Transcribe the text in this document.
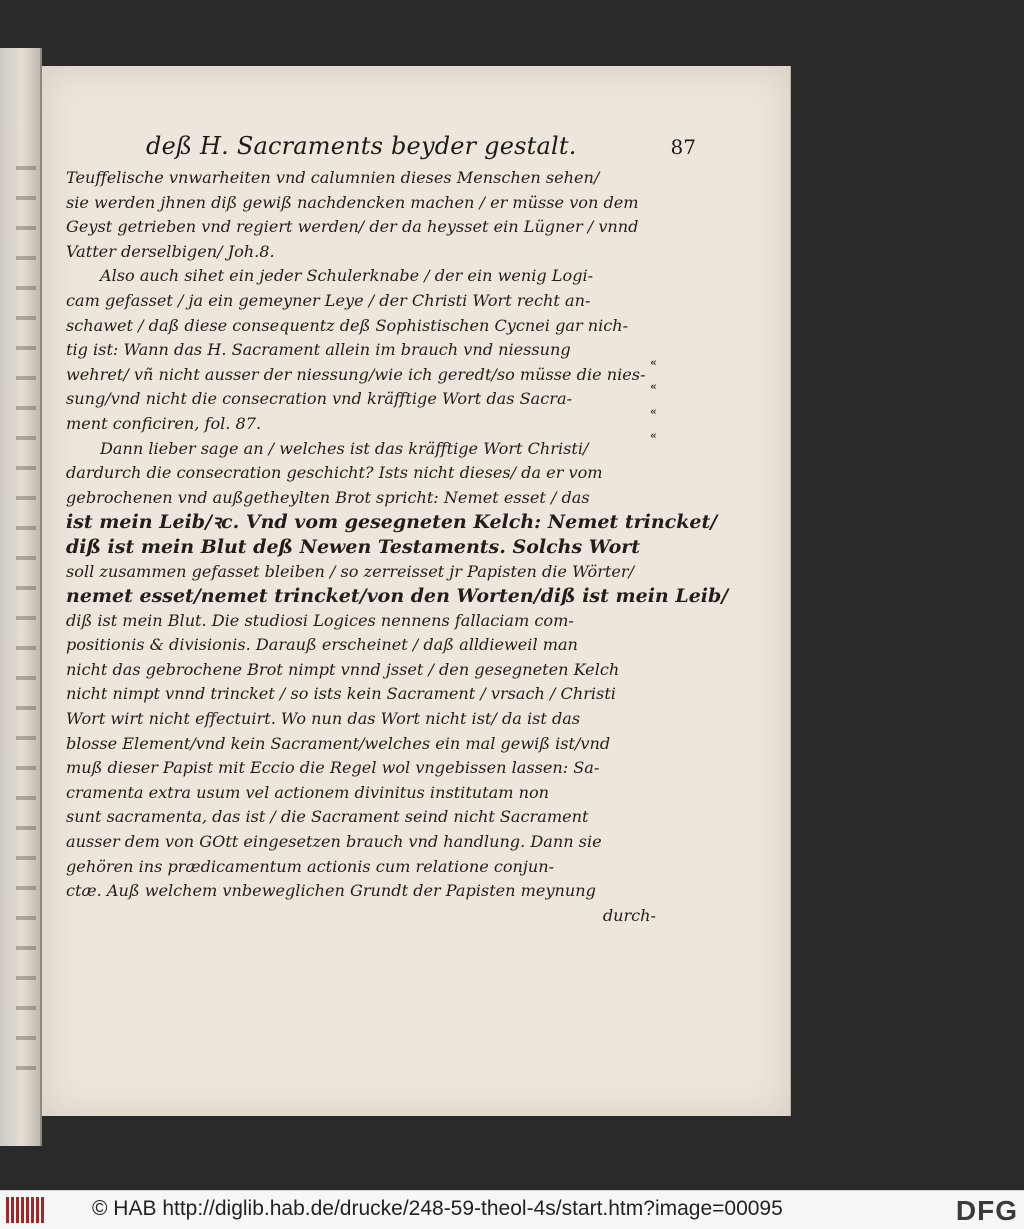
deß H. Sacraments beyder gestalt.	87
Teuffelische vnwarheiten vnd calumnien dieses Menschen sehen/
sie werden jhnen diß gewiß nachdencken machen / er müsse von dem
Geyst getrieben vnd regiert werden/ der da heysset ein Lügner / vnnd
Vatter derselbigen/ Joh.8.
Also auch sihet ein jeder Schulerknabe / der ein wenig Logi-
cam gefasset / ja ein gemeyner Leye / der Christi Wort recht an-
schawet / daß diese consequentz deß Sophistischen Cycnei gar nich-
tig ist: Wann das H. Sacrament allein im brauch vnd niessung
wehret/ vñ nicht ausser der niessung/wie ich geredt/so müsse die nies-
sung/vnd nicht die consecration vnd kräfftige Wort das Sacra-
ment conficiren, fol. 87.
Dann lieber sage an / welches ist das kräfftige Wort Christi/
dardurch die consecration geschicht? Ists nicht dieses/ da er vom
gebrochenen vnd außgetheylten Brot spricht: Nemet esset / das
ist mein Leib/ꝛc. Vnd vom gesegneten Kelch: Nemet trincket/
diß ist mein Blut deß Newen Testaments. Solchs Wort
soll zusammen gefasset bleiben / so zerreisset jr Papisten die Wörter/
nemet esset/nemet trincket/von den Worten/diß ist mein Leib/
diß ist mein Blut. Die studiosi Logices nennens fallaciam com-
positionis & divisionis. Darauß erscheinet / daß alldieweil man
nicht das gebrochene Brot nimpt vnnd jsset / den gesegneten Kelch
nicht nimpt vnnd trincket / so ists kein Sacrament / vrsach / Christi
Wort wirt nicht effectuirt. Wo nun das Wort nicht ist/ da ist das
blosse Element/vnd kein Sacrament/welches ein mal gewiß ist/vnd
muß dieser Papist mit Eccio die Regel wol vngebissen lassen: Sa-
cramenta extra usum vel actionem divinitus institutam non
sunt sacramenta, das ist / die Sacrament seind nicht Sacrament
ausser dem von GOtt eingesetzen brauch vnd handlung. Dann sie
gehören ins prædicamentum actionis cum relatione conjun-
ctæ. Auß welchem vnbeweglichen Grundt der Papisten meynung
durch-
«
«
«
«
© HAB http://diglib.hab.de/drucke/248-59-theol-4s/start.htm?image=00095	DFG
